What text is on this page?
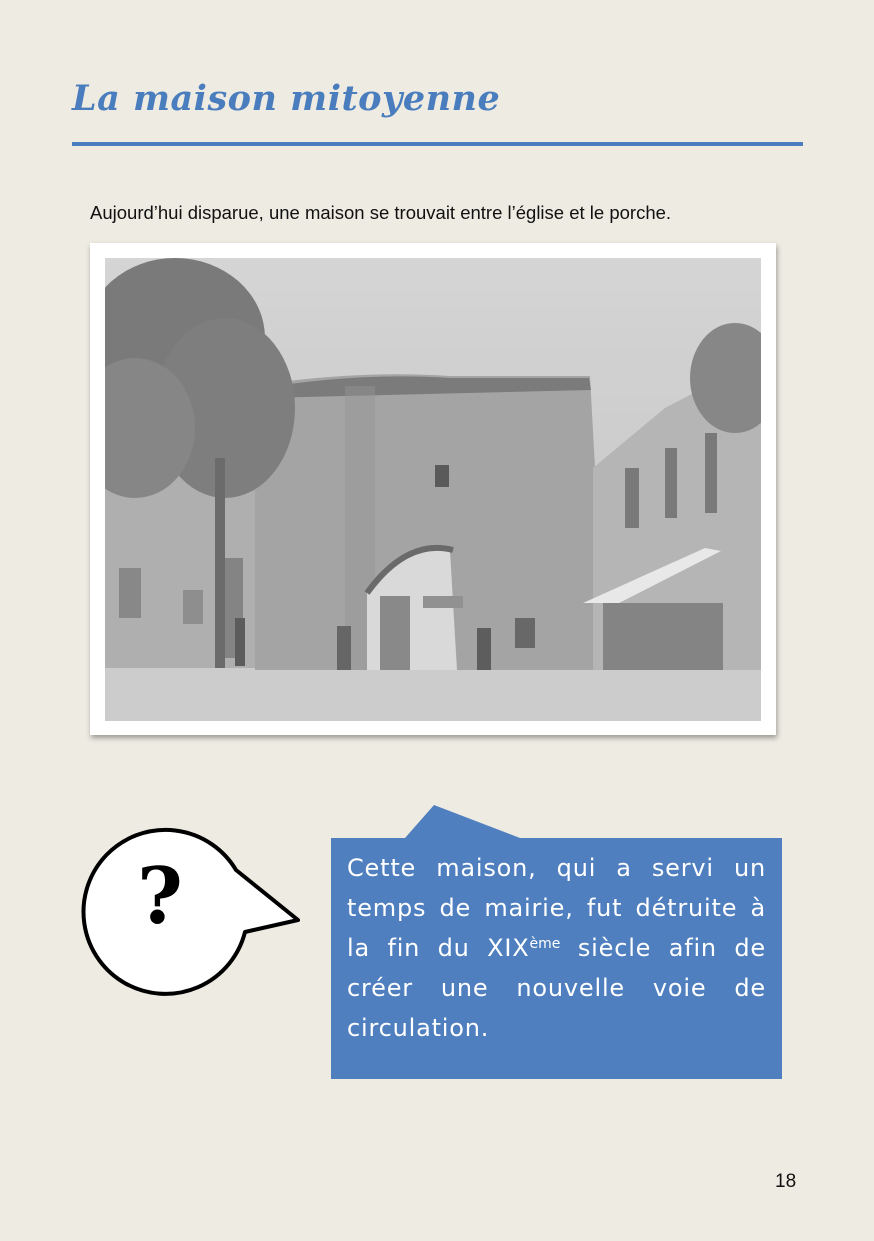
La maison mitoyenne
Aujourd’hui disparue, une maison se trouvait entre l’église et le porche.
?	Cette maison, qui a servi un temps de mairie, fut détruite à la fin du XIXème siècle afin de créer une nouvelle voie de circulation.
18
